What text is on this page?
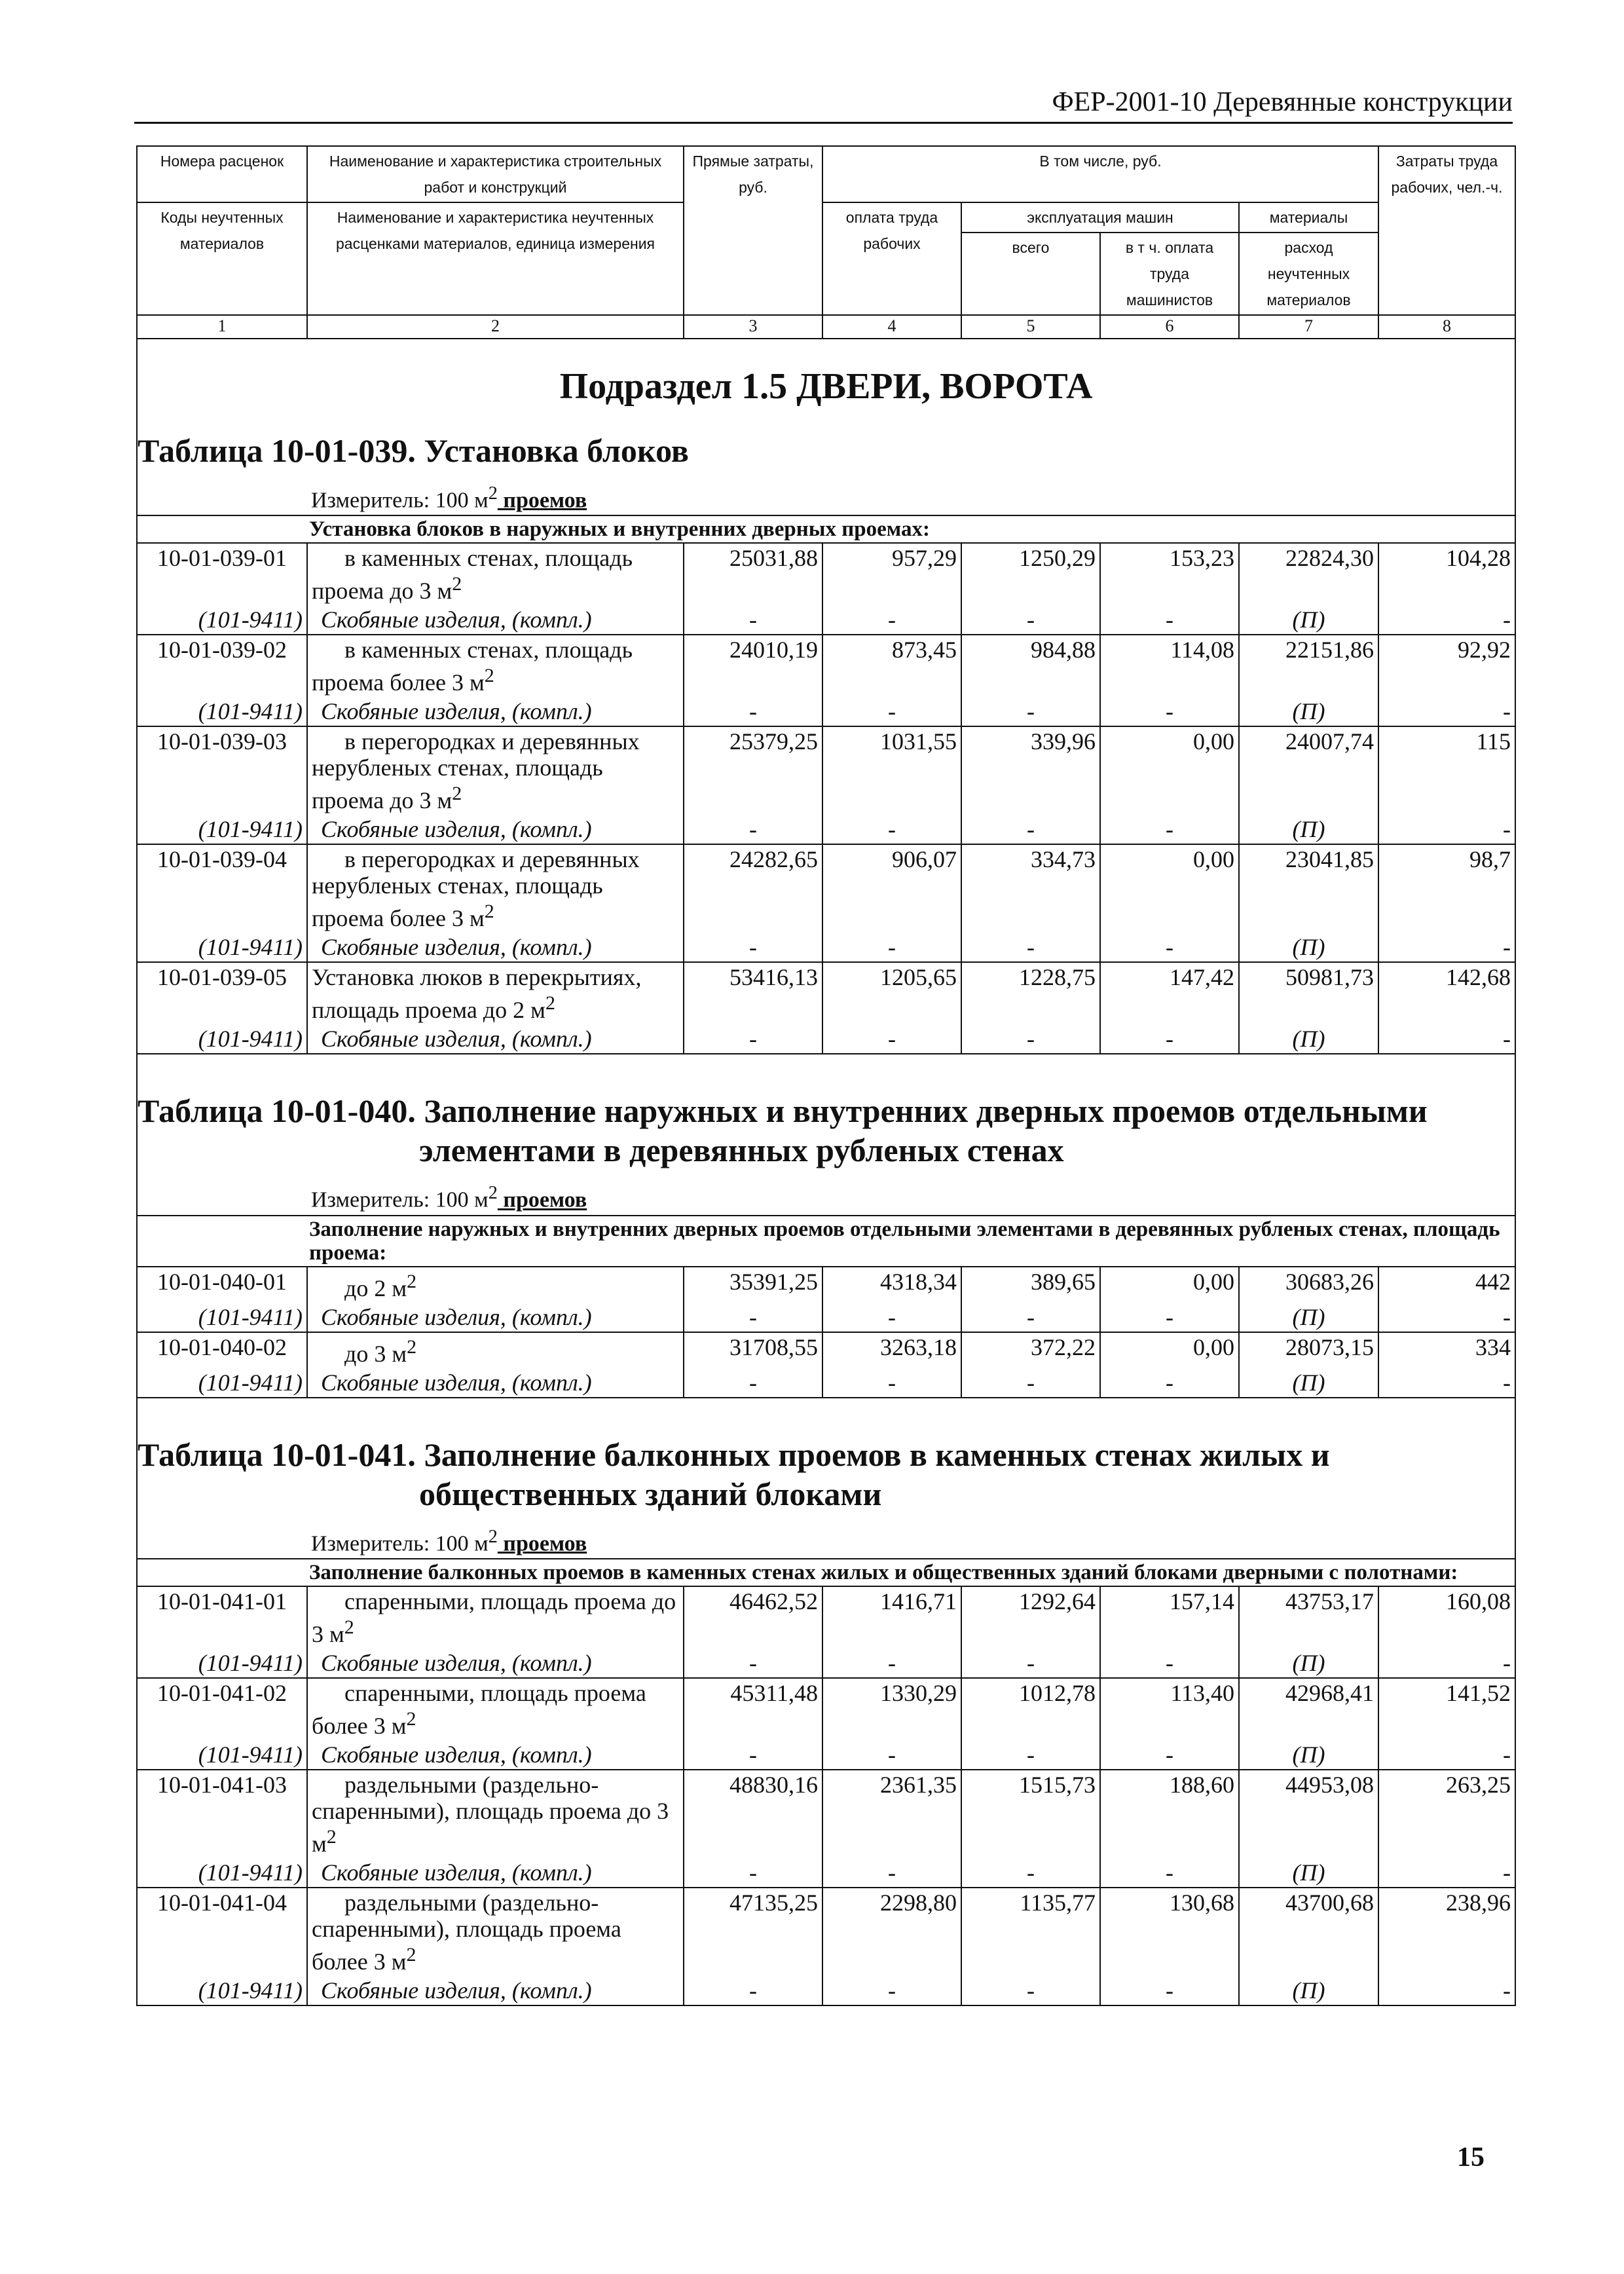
ФЕР-2001-10 Деревянные конструкции
Номера расценок	Наименование и характеристика строительных работ и конструкций	Прямые затраты, руб.	В том числе, руб.				Затраты труда рабочих, чел.-ч.
Коды неучтенных материалов	Наименование и характеристика неучтенных расценками материалов, единица измерения		оплата труда рабочих	эксплуатация машин		материалы	
				всего	в т ч. оплата труда машинистов	расход неучтенных материалов	
1	2	3	4	5	6	7	8
Подраздел 1.5 ДВЕРИ, ВОРОТА							
Таблица 10-01-039. Установка блоков							
	Измеритель: 100 $м^2$ проемов						
	Установка блоков в наружных и внутренних дверных проемах:						
10-01-039-01	в каменных стенах, площадь проема до 3 $м^2$	25031,88	957,29	1250,29	153,23	22824,30	104,28
(101-9411)	Скобяные изделия, (компл.)	-	-	-	-	(П)	-
10-01-039-02	в каменных стенах, площадь проема более 3 $м^2$	24010,19	873,45	984,88	114,08	22151,86	92,92
(101-9411)	Скобяные изделия, (компл.)	-	-	-	-	(П)	-
10-01-039-03	в перегородках и деревянных нерубленых стенах, площадь проема до 3 $м^2$	25379,25	1031,55	339,96	0,00	24007,74	115
(101-9411)	Скобяные изделия, (компл.)	-	-	-	-	(П)	-
10-01-039-04	в перегородках и деревянных нерубленых стенах, площадь проема более 3 $м^2$	24282,65	906,07	334,73	0,00	23041,85	98,7
(101-9411)	Скобяные изделия, (компл.)	-	-	-	-	(П)	-
10-01-039-05	Установка люков в перекрытиях, площадь проема до 2 $м^2$	53416,13	1205,65	1228,75	147,42	50981,73	142,68
(101-9411)	Скобяные изделия, (компл.)	-	-	-	-	(П)	-

Таблица 10-01-040. Заполнение наружных и внутренних дверных проемов отдельными
элементами в деревянных рубленых стенах							

	Измеритель: 100 $м^2$ проемов						
	Заполнение наружных и внутренних дверных проемов отдельными элементами в деревянных рубленых стенах, площадь проема:						
10-01-040-01	до 2 $м^2$	35391,25	4318,34	389,65	0,00	30683,26	442
(101-9411)	Скобяные изделия, (компл.)	-	-	-	-	(П)	-
10-01-040-02	до 3 $м^2$	31708,55	3263,18	372,22	0,00	28073,15	334
(101-9411)	Скобяные изделия, (компл.)	-	-	-	-	(П)	-

Таблица 10-01-041. Заполнение балконных проемов в каменных стенах жилых и
общественных зданий блоками							

	Измеритель: 100 $м^2$ проемов						
	Заполнение балконных проемов в каменных стенах жилых и общественных зданий блоками дверными с полотнами:						
10-01-041-01	спаренными, площадь проема до 3 $м^2$	46462,52	1416,71	1292,64	157,14	43753,17	160,08
(101-9411)	Скобяные изделия, (компл.)	-	-	-	-	(П)	-
10-01-041-02	спаренными, площадь проема более 3 $м^2$	45311,48	1330,29	1012,78	113,40	42968,41	141,52
(101-9411)	Скобяные изделия, (компл.)	-	-	-	-	(П)	-
10-01-041-03	раздельными (раздельно-спаренными), площадь проема до 3 $м^2$	48830,16	2361,35	1515,73	188,60	44953,08	263,25
(101-9411)	Скобяные изделия, (компл.)	-	-	-	-	(П)	-
10-01-041-04	раздельными (раздельно-спаренными), площадь проема более 3 $м^2$	47135,25	2298,80	1135,77	130,68	43700,68	238,96
(101-9411)	Скобяные изделия, (компл.)	-	-	-	-	(П)	-
15
